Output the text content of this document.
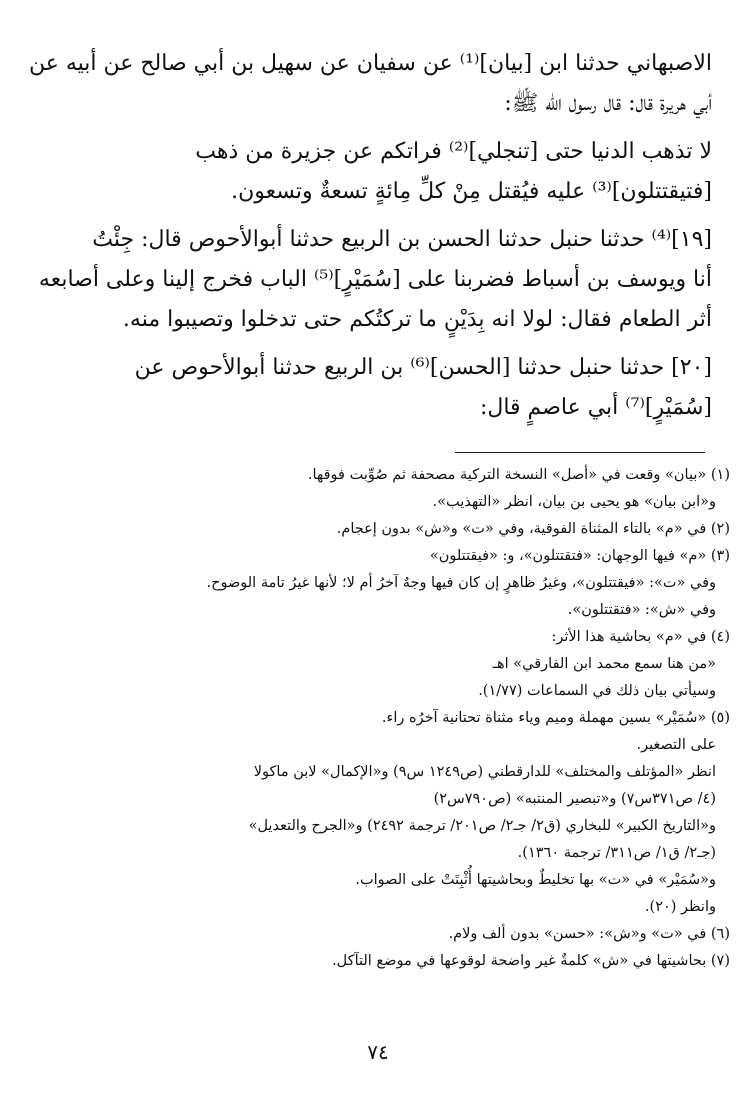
الاصبهاني حدثنا ابن [بيان]⁽¹⁾ عن سفيان عن سهيل بن أبي صالح عن أبيه عن
أبي هريرة قال: قال رسول الله ﷺ:
لا تذهب الدنيا حتى [تنجلي]⁽²⁾ فراتكم عن جزيرة من ذهب
[فتيقتتلون]⁽³⁾ عليه فيُقتل مِنْ كلِّ مِائةٍ تسعةٌ وتسعون.
[١٩]⁽⁴⁾ حدثنا حنبل حدثنا الحسن بن الربيع حدثنا أبوالأحوص قال: جِئْتُ
أنا ويوسف بن أسباط فضربنا على [سُمَيْرٍ]⁽⁵⁾ الباب فخرج إلينا وعلى أصابعه
أثر الطعام فقال: لولا انه بِدَيْنٍ ما تركتُكم حتى تدخلوا وتصيبوا منه.
[٢٠] حدثنا حنبل حدثنا [الحسن]⁽⁶⁾ بن الربيع حدثنا أبوالأحوص عن
[سُمَيْرٍ]⁽⁷⁾ أبي عاصمٍ قال:
(١) «بيان» وقعت في «أصل» النسخة التركية مصحفة ثم صُوِّبت فوقها.
و«ابن بيان» هو يحيى بن بيان، انظر «التهذيب».
(٢) في «م» بالتاء المثناة الفوقية، وفي «ت» و«ش» بدون إعجام.
(٣) «م» فيها الوجهان: «فتقتتلون»، و: «فيقتتلون»
وفي «ت»: «فيقتتلون»، وغيرُ ظاهرٍ إن كان فيها وجهٌ آخرُ أم لا؛ لأنها غيرُ تامة الوضوح.
وفي «ش»: «فتقتتلون».
(٤) في «م» بحاشية هذا الأثر:
«من هنا سمع محمد ابن الفارقي» اهـ
وسيأتي بيان ذلك في السماعات (١/٧٧).
(٥) «سُمَيْر» بسين مهملة وميم وياء مثناة تحتانية آخرُه راء.
على التصغير.
انظر «المؤتلف والمختلف» للدارقطني (ص١٢٤٩ س٩) و«الإكمال» لابن ماكولا
(٤/ ص٣٧١س٧) و«تبصير المنتبه» (ص٧٩٠س٢)
و«التاريخ الكبير» للبخاري (ق٢/ جـ٢/ ص٢٠١/ ترجمة ٢٤٩٢) و«الجرح والتعديل»
(جـ٢/ ق١/ ص٣١١/ ترجمة ١٣٦٠).
و«سُمَيْر» في «ت» بها تخليطٌ وبحاشيتها أُثْبِتَتْ على الصواب.
وانظر (٢٠).
(٦) في «ت» و«ش»: «حسن» بدون ألف ولام.
(٧) بحاشيتها في «ش» كلمةٌ غير واضحة لوقوعها في موضع التآكل.
٧٤
